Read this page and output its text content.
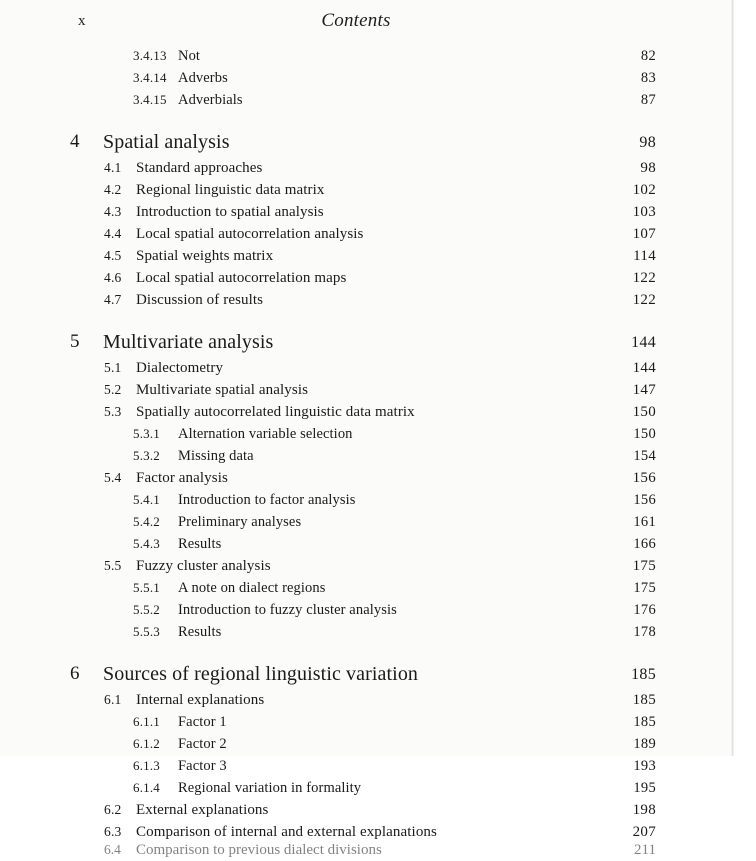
x	Contents
3.4.13 Not	82
3.4.14 Adverbs	83
3.4.15 Adverbials	87
4	Spatial analysis	98
4.1 Standard approaches	98
4.2 Regional linguistic data matrix	102
4.3 Introduction to spatial analysis	103
4.4 Local spatial autocorrelation analysis	107
4.5 Spatial weights matrix	114
4.6 Local spatial autocorrelation maps	122
4.7 Discussion of results	122
5	Multivariate analysis	144
5.1 Dialectometry	144
5.2 Multivariate spatial analysis	147
5.3 Spatially autocorrelated linguistic data matrix	150
5.3.1	Alternation variable selection	150
5.3.2	Missing data	154
5.4 Factor analysis	156
5.4.1	Introduction to factor analysis	156
5.4.2	Preliminary analyses	161
5.4.3	Results	166
5.5 Fuzzy cluster analysis	175
5.5.1	A note on dialect regions	175
5.5.2	Introduction to fuzzy cluster analysis	176
5.5.3	Results	178
6	Sources of regional linguistic variation	185
6.1 Internal explanations	185
6.1.1	Factor 1	185
6.1.2	Factor 2	189
6.1.3	Factor 3	193
6.1.4	Regional variation in formality	195
6.2 External explanations	198
6.3 Comparison of internal and external explanations	207
6.4 Comparison to previous dialect divisions	211
